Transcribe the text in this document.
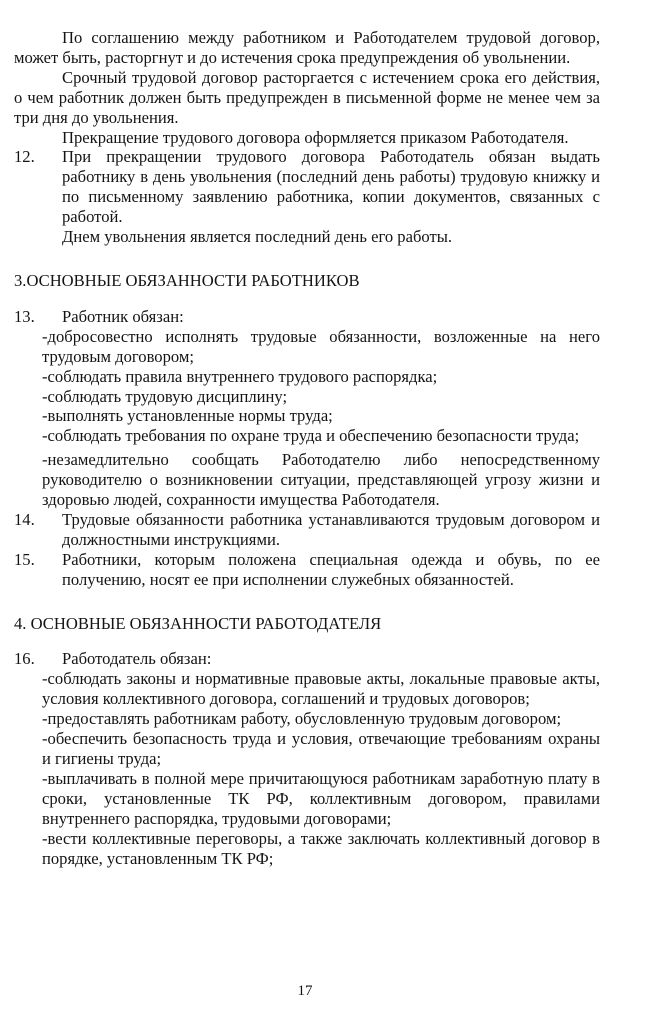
По соглашению между работником и Работодателем трудовой договор, может быть, расторгнут и до истечения срока предупреждения об увольнении.

Срочный трудовой договор расторгается с истечением срока его действия, о чем работник должен быть предупрежден в письменной форме не менее чем за три дня до увольнения.

Прекращение трудового договора оформляется приказом Работодателя.

12.	При прекращении трудового договора Работодатель обязан выдать работнику в день увольнения (последний день работы) трудовую книжку и по письменному заявлению работника, копии документов, связанных с работой.

Днем увольнения является последний день его работы.

3.ОСНОВНЫЕ ОБЯЗАННОСТИ РАБОТНИКОВ

13.	Работник обязан:

-добросовестно исполнять трудовые обязанности, возложенные на него трудовым договором;

-соблюдать правила внутреннего трудового распорядка;

-соблюдать трудовую дисциплину;

-выполнять установленные нормы труда;

-соблюдать требования по охране труда и обеспечению безопасности труда;

-незамедлительно сообщать Работодателю либо непосредственному руководителю о возникновении ситуации, представляющей угрозу жизни и здоровью людей, сохранности имущества Работодателя.

14.	Трудовые обязанности работника устанавливаются трудовым договором и должностными инструкциями.

15.	Работники, которым положена специальная одежда и обувь, по ее получению, носят ее при исполнении служебных обязанностей.

4. ОСНОВНЫЕ ОБЯЗАННОСТИ РАБОТОДАТЕЛЯ

16.	Работодатель обязан:

-соблюдать законы и нормативные правовые акты, локальные правовые акты, условия коллективного договора, соглашений и трудовых договоров;

-предоставлять работникам работу, обусловленную трудовым договором;

-обеспечить безопасность труда и условия, отвечающие требованиям охраны и гигиены труда;

-выплачивать в полной мере причитающуюся работникам заработную плату в сроки, установленные ТК РФ, коллективным договором, правилами внутреннего распорядка, трудовыми договорами;

-вести коллективные переговоры, а также заключать коллективный договор в порядке, установленным ТК РФ;

17
